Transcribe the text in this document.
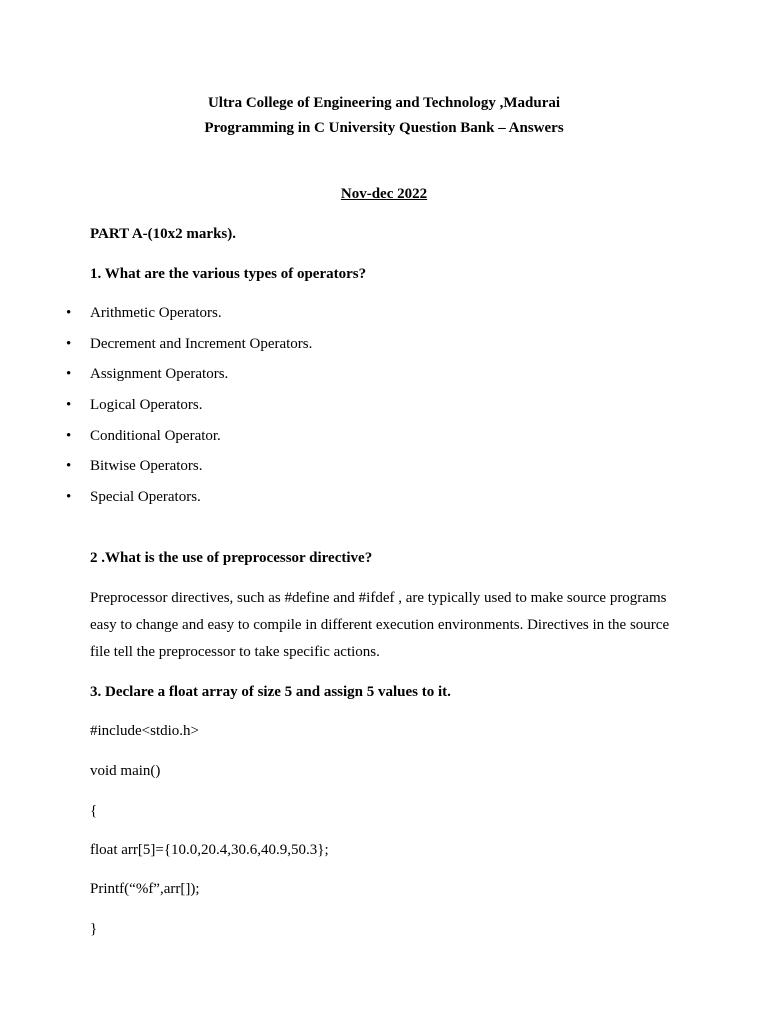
Ultra College of Engineering and Technology ,Madurai
Programming in C University Question Bank – Answers
Nov-dec 2022
PART A-(10x2 marks).
1. What are the various types of operators?
• Arithmetic Operators.
• Decrement and Increment Operators.
• Assignment Operators.
• Logical Operators.
• Conditional Operator.
• Bitwise Operators.
• Special Operators.
2 .What is the use of preprocessor directive?
Preprocessor directives, such as #define and #ifdef , are typically used to make source programs
easy to change and easy to compile in different execution environments. Directives in the source
file tell the preprocessor to take specific actions.
3. Declare a float array of size 5 and assign 5 values to it.
#include<stdio.h>
void main()
{
float arr[5]={10.0,20.4,30.6,40.9,50.3};
Printf(“%f”,arr[]);
}
